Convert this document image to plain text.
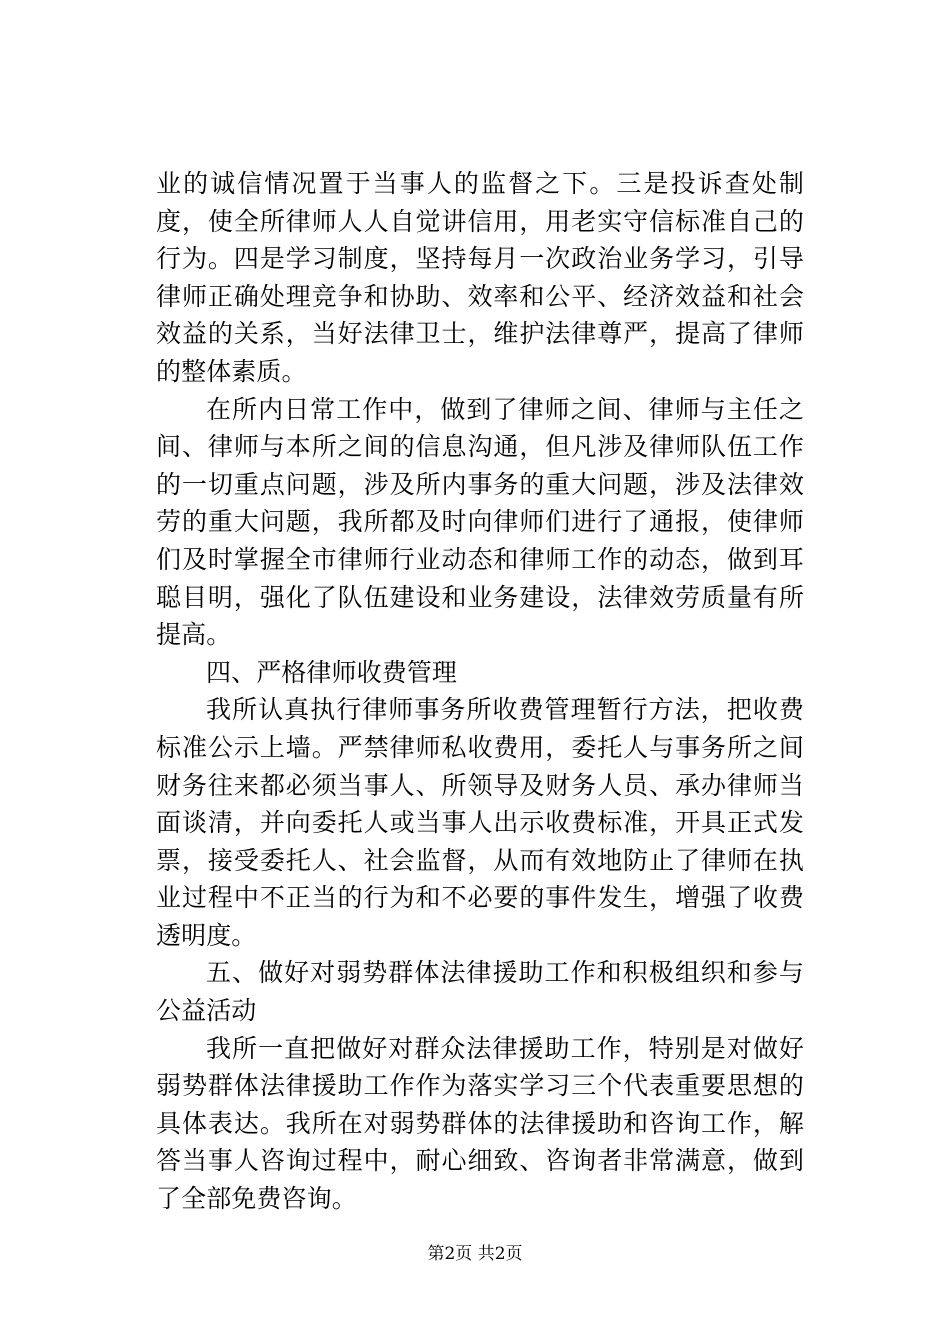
业的诚信情况置于当事人的监督之下。三是投诉查处制度，使全所律师人人自觉讲信用，用老实守信标准自己的行为。四是学习制度，坚持每月一次政治业务学习，引导律师正确处理竞争和协助、效率和公平、经济效益和社会效益的关系，当好法律卫士，维护法律尊严，提高了律师的整体素质。

在所内日常工作中，做到了律师之间、律师与主任之间、律师与本所之间的信息沟通，但凡涉及律师队伍工作的一切重点问题，涉及所内事务的重大问题，涉及法律效劳的重大问题，我所都及时向律师们进行了通报，使律师们及时掌握全市律师行业动态和律师工作的动态，做到耳聪目明，强化了队伍建设和业务建设，法律效劳质量有所提高。

四、严格律师收费管理

我所认真执行律师事务所收费管理暂行方法，把收费标准公示上墙。严禁律师私收费用，委托人与事务所之间财务往来都必须当事人、所领导及财务人员、承办律师当面谈清，并向委托人或当事人出示收费标准，开具正式发票，接受委托人、社会监督，从而有效地防止了律师在执业过程中不正当的行为和不必要的事件发生，增强了收费透明度。

五、做好对弱势群体法律援助工作和积极组织和参与公益活动

我所一直把做好对群众法律援助工作，特别是对做好弱势群体法律援助工作作为落实学习三个代表重要思想的具体表达。我所在对弱势群体的法律援助和咨询工作，解答当事人咨询过程中，耐心细致、咨询者非常满意，做到了全部免费咨询。

第2页 共2页
